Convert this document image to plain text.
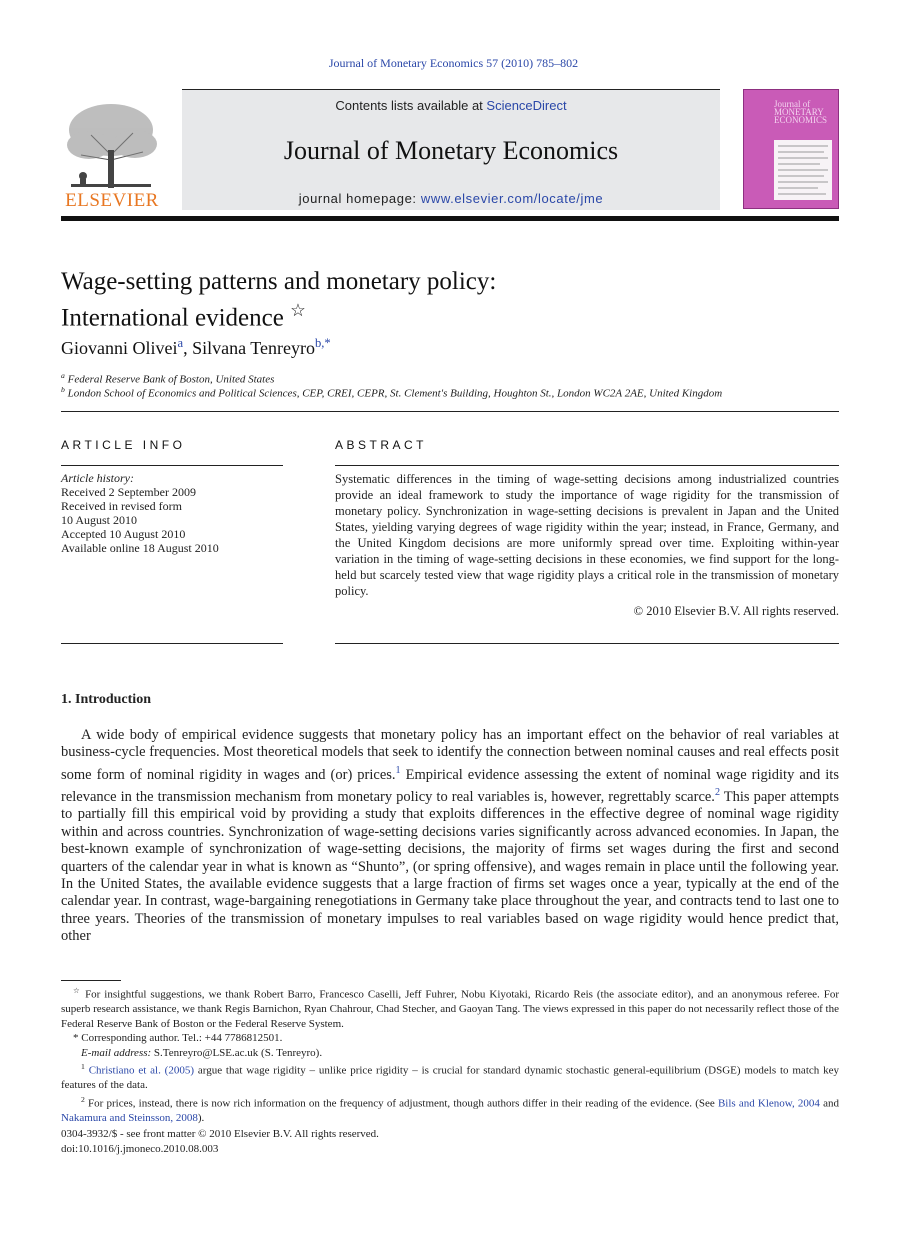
Journal of Monetary Economics 57 (2010) 785–802
ELSEVIER
Contents lists available at ScienceDirect
Journal of Monetary Economics
journal homepage: www.elsevier.com/locate/jme
Journal of MONETARY ECONOMICS
Wage-setting patterns and monetary policy:
International evidence ☆
Giovanni Olivei$^a$, Silvana Tenreyro$^{b,*}$
$^a$ Federal Reserve Bank of Boston, United States
$^b$ London School of Economics and Political Sciences, CEP, CREI, CEPR, St. Clement's Building, Houghton St., London WC2A 2AE, United Kingdom
ARTICLE INFO
Article history:
Received 2 September 2009
Received in revised form
10 August 2010
Accepted 10 August 2010
Available online 18 August 2010
ABSTRACT
Systematic differences in the timing of wage-setting decisions among industrialized countries provide an ideal framework to study the importance of wage rigidity for the transmission of monetary policy. Synchronization in wage-setting decisions is prevalent in Japan and the United States, yielding varying degrees of wage rigidity within the year; instead, in France, Germany, and the United Kingdom decisions are more uniformly spread over time. Exploiting within-year variation in the timing of wage-setting decisions in these economies, we find support for the long-held but scarcely tested view that wage rigidity plays a critical role in the transmission of monetary policy.
© 2010 Elsevier B.V. All rights reserved.
1. Introduction

A wide body of empirical evidence suggests that monetary policy has an important effect on the behavior of real variables at business-cycle frequencies. Most theoretical models that seek to identify the connection between nominal causes and real effects posit some form of nominal rigidity in wages and (or) prices.$^1$ Empirical evidence assessing the extent of nominal wage rigidity and its relevance in the transmission mechanism from monetary policy to real variables is, however, regrettably scarce.$^2$ This paper attempts to partially fill this empirical void by providing a study that exploits differences in the effective degree of nominal wage rigidity within and across countries. Synchronization of wage-setting decisions varies significantly across advanced economies. In Japan, the best-known example of synchronization of wage-setting decisions, the majority of firms set wages during the first and second quarters of the calendar year in what is known as “Shunto”, (or spring offensive), and wages remain in place until the following year. In the United States, the available evidence suggests that a large fraction of firms set wages once a year, typically at the end of the calendar year. In contrast, wage-bargaining renegotiations in Germany take place throughout the year, and contracts tend to last one to three years. Theories of the transmission of monetary impulses to real variables based on wage rigidity would hence predict that, other

☆ For insightful suggestions, we thank Robert Barro, Francesco Caselli, Jeff Fuhrer, Nobu Kiyotaki, Ricardo Reis (the associate editor), and an anonymous referee. For superb research assistance, we thank Regis Barnichon, Ryan Chahrour, Chad Stecher, and Gaoyan Tang. The views expressed in this paper do not necessarily reflect those of the Federal Reserve Bank of Boston or the Federal Reserve System.

* Corresponding author. Tel.: +44 7786812501.

E-mail address: S.Tenreyro@LSE.ac.uk (S. Tenreyro).

$^1$ Christiano et al. (2005) argue that wage rigidity – unlike price rigidity – is crucial for standard dynamic stochastic general-equilibrium (DSGE) models to match key features of the data.

$^2$ For prices, instead, there is now rich information on the frequency of adjustment, though authors differ in their reading of the evidence. (See Bils and Klenow, 2004 and Nakamura and Steinsson, 2008).

0304-3932/$ - see front matter © 2010 Elsevier B.V. All rights reserved.
doi:10.1016/j.jmoneco.2010.08.003
